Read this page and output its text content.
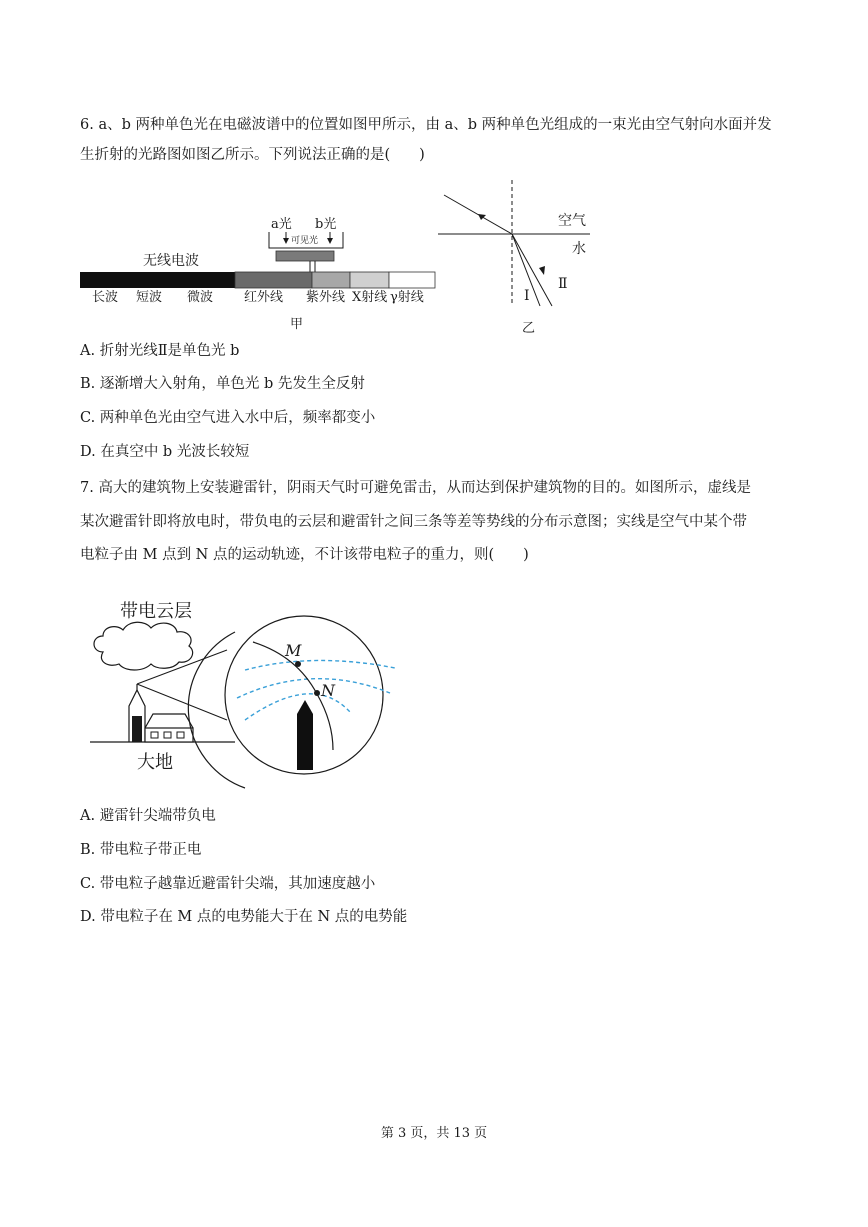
6. a、b 两种单色光在电磁波谱中的位置如图甲所示，由 a、b 两种单色光组成的一束光由空气射向水面并发

生折射的光路图如图乙所示。下列说法正确的是(　　)

a光 b光
可见光
无线电波
长波 短波 微波 红外线 紫外线 X射线 γ射线
甲
空气
水
Ⅰ
Ⅱ
乙

A. 折射光线Ⅱ是单色光 b

B. 逐渐增大入射角，单色光 b 先发生全反射

C. 两种单色光由空气进入水中后，频率都变小

D. 在真空中 b 光波长较短

7. 高大的建筑物上安装避雷针，阴雨天气时可避免雷击，从而达到保护建筑物的目的。如图所示，虚线是

某次避雷针即将放电时，带负电的云层和避雷针之间三条等差等势线的分布示意图；实线是空气中某个带

电粒子由 M 点到 N 点的运动轨迹，不计该带电粒子的重力，则(　　)

带电云层
大地
M
N

A. 避雷针尖端带负电

B. 带电粒子带正电

C. 带电粒子越靠近避雷针尖端，其加速度越小

D. 带电粒子在 M 点的电势能大于在 N 点的电势能

第 3 页，共 13 页
